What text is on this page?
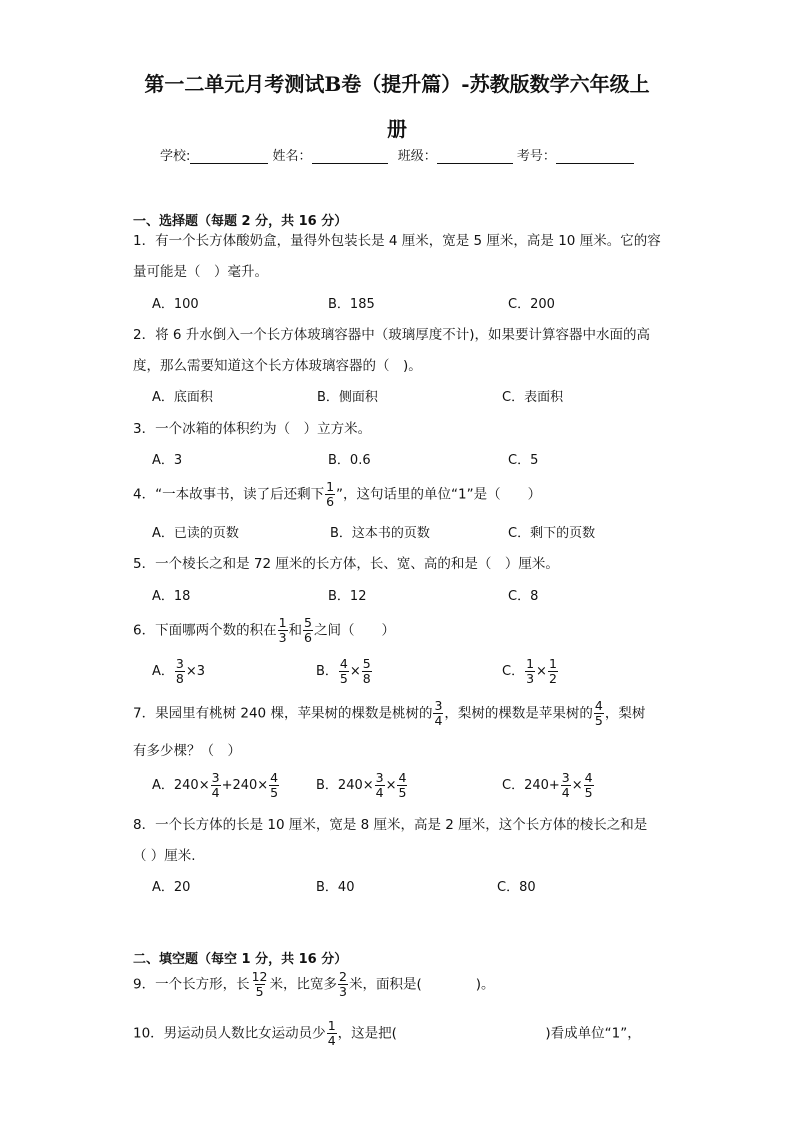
第一二单元月考测试B卷（提升篇）-苏教版数学六年级上
册
学校:	姓名：	班级：	考号：
一、选择题（每题 2 分，共 16 分）
1．有一个长方体酸奶盒，量得外包装长是 4 厘米，宽是 5 厘米，高是 10 厘米。它的容
量可能是（　）毫升。
A．100	B．185	C．200
2．将 6 升水倒入一个长方体玻璃容器中（玻璃厚度不计)，如果要计算容器中水面的高
度，那么需要知道这个长方体玻璃容器的（　)。
A．底面积	B．侧面积	C．表面积
3．一个冰箱的体积约为（　）立方米。
A．3	B．0.6	C．5
4．“一本故事书，读了后还剩下 $\frac{1}{6}$ ”，这句话里的单位“1”是（　　）
A．已读的页数	B．这本书的页数	C．剩下的页数
5．一个棱长之和是 72 厘米的长方体，长、宽、高的和是（　）厘米。
A．18	B．12	C．8
6．下面哪两个数的积在 $\frac{1}{3}$ 和 $\frac{5}{6}$ 之间（　　）
A． $\frac{3}{8} \times 3$	B． $\frac{4}{5} \times \frac{5}{8}$	C． $\frac{1}{3} \times \frac{1}{2}$
7．果园里有桃树 240 棵，苹果树的棵数是桃树的 $\frac{3}{4}$ ，梨树的棵数是苹果树的 $\frac{4}{5}$ ，梨树
有多少棵？（　）
A．$240\times \frac{3}{4} +240\times \frac{4}{5}$	B．$240\times \frac{3}{4} \times \frac{4}{5}$	C．$240+ \frac{3}{4} \times \frac{4}{5}$
8．一个长方体的长是 10 厘米，宽是 8 厘米，高是 2 厘米，这个长方体的棱长之和是
（ ）厘米.
A．20	B．40	C．80
二、填空题（每空 1 分，共 16 分）
9．一个长方形，长 $\frac{12}{5}$ 米，比宽多 $\frac{2}{3}$ 米，面积是(　　　　)。
10．男运动员人数比女运动员少 $\frac{1}{4}$ ，这是把(　　　　　　　　　　　)看成单位“1”，
